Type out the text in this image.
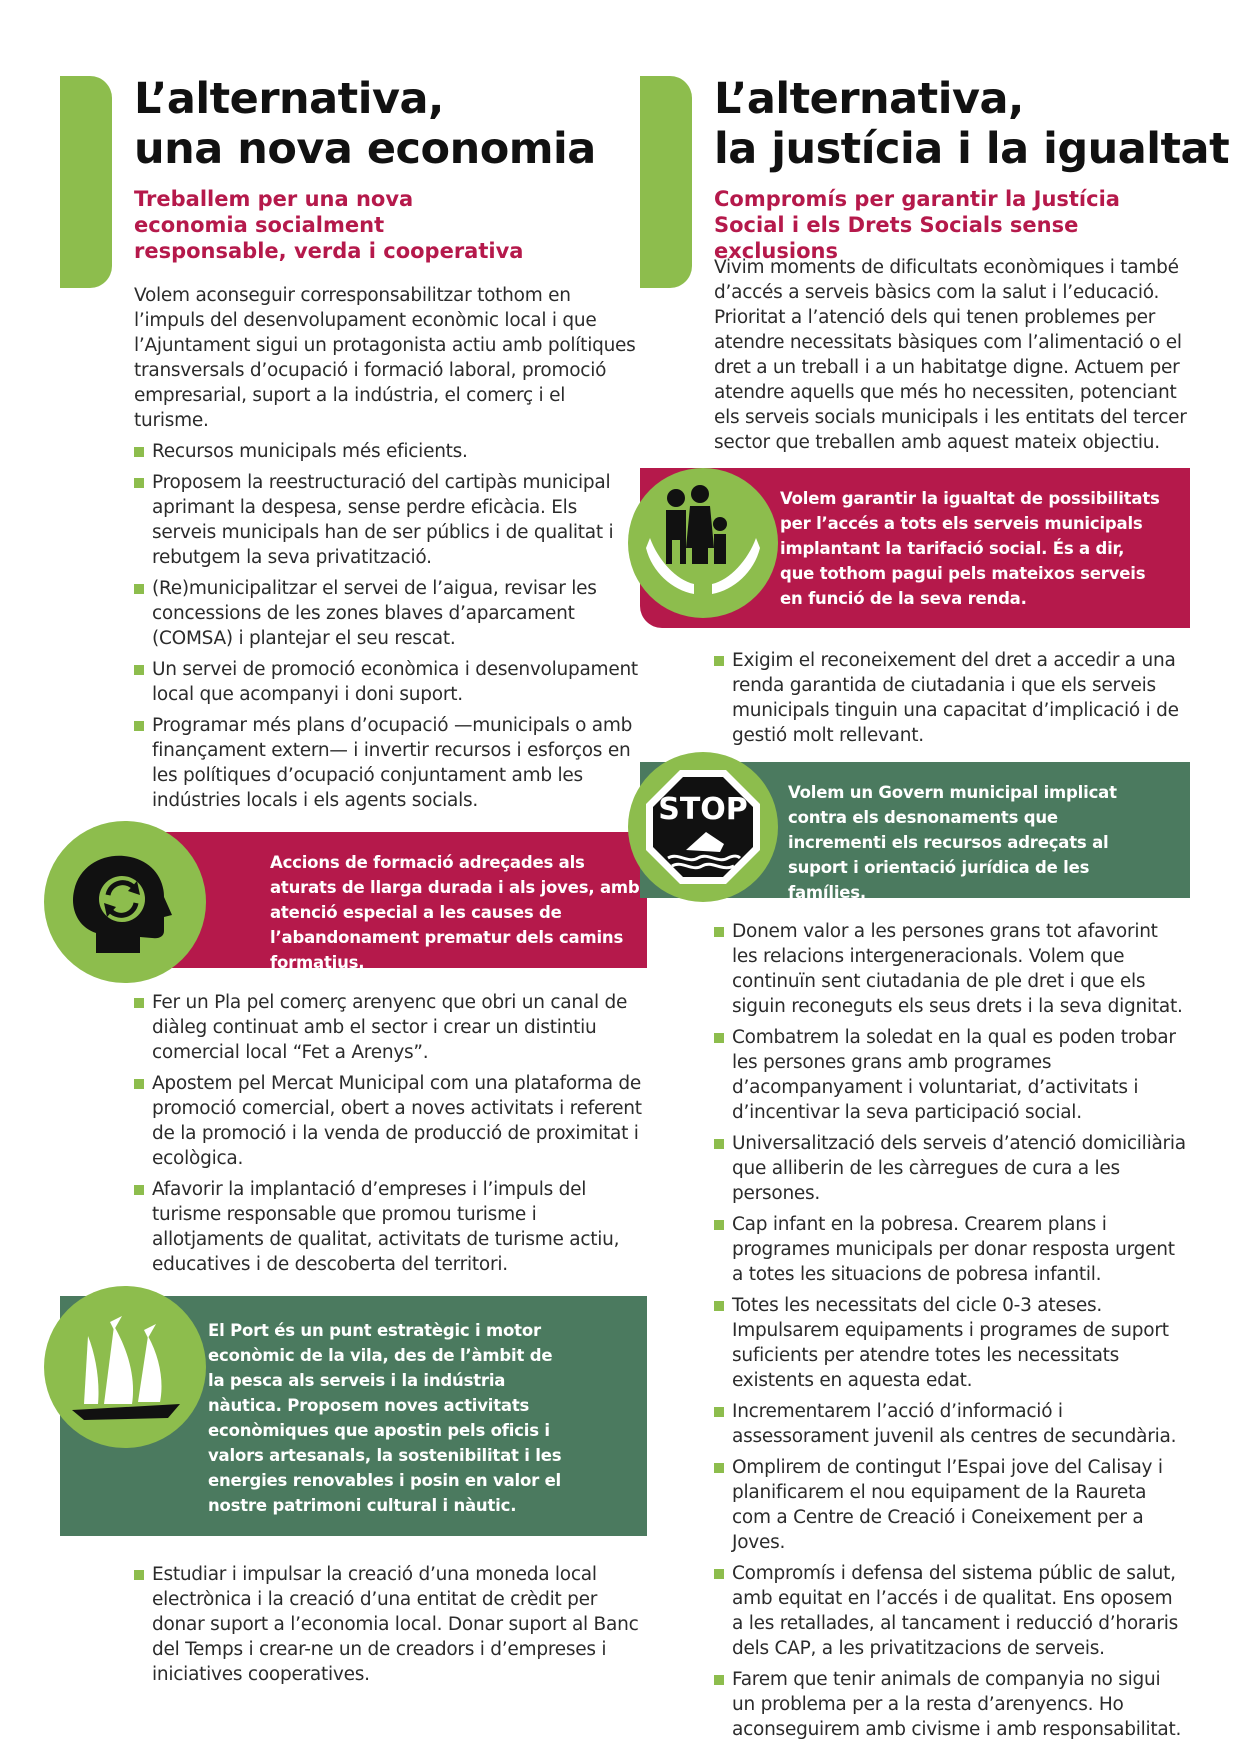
L’alternativa,
una nova economia
Treballem per una nova economia socialment responsable, verda i cooperativa

Volem aconseguir corresponsabilitzar tothom en l’impuls del desenvolupament econòmic local i que l’Ajuntament sigui un protagonista actiu amb polítiques transversals d’ocupació i formació laboral, promoció empresarial, suport a la indústria, el comerç i el turisme.

Recursos municipals més eficients.
Proposem la reestructuració del cartipàs municipal aprimant la despesa, sense perdre eficàcia. Els serveis municipals han de ser públics i de qualitat i rebutgem la seva privatització.
(Re)municipalitzar el servei de l’aigua, revisar les concessions de les zones blaves d’aparcament (COMSA) i plantejar el seu rescat.
Un servei de promoció econòmica i desenvolupament local que acompanyi i doni suport.
Programar més plans d’ocupació —municipals o amb finançament extern— i invertir recursos i esforços en les polítiques d’ocupació conjuntament amb les indústries locals i els agents socials.
Accions de formació adreçades als aturats de llarga durada i als joves, amb atenció especial a les causes de l’abandonament prematur dels camins formatius.
Fer un Pla pel comerç arenyenc que obri un canal de diàleg continuat amb el sector i crear un distintiu comercial local “Fet a Arenys”.
Apostem pel Mercat Municipal com una plataforma de promoció comercial, obert a noves activitats i referent de la promoció i la venda de producció de proximitat i ecològica.
Afavorir la implantació d’empreses i l’impuls del turisme responsable que promou turisme i allotjaments de qualitat, activitats de turisme actiu, educatives i de descoberta del territori.
El Port és un punt estratègic i motor econòmic de la vila, des de l’àmbit de la pesca als serveis i la indústria nàutica. Proposem noves activitats econòmiques que apostin pels oficis i valors artesanals, la sostenibilitat i les energies renovables i posin en valor el nostre patrimoni cultural i nàutic.
Estudiar i impulsar la creació d’una moneda local electrònica i la creació d’una entitat de crèdit per donar suport a l’economia local. Donar suport al Banc del Temps i crear-ne un de creadors i d’empreses i iniciatives cooperatives.
L’alternativa,
la justícia i la igualtat
Compromís per garantir la Justícia Social i els Drets Socials sense exclusions

Vivim moments de dificultats econòmiques i també d’accés a serveis bàsics com la salut i l’educació. Prioritat a l’atenció dels qui tenen problemes per atendre necessitats bàsiques com l’alimentació o el dret a un treball i a un habitatge digne. Actuem per atendre aquells que més ho necessiten, potenciant els serveis socials municipals i les entitats del tercer sector que treballen amb aquest mateix objectiu.

Volem garantir la igualtat de possibilitats per l’accés a tots els serveis municipals implantant la tarifació social. És a dir, que tothom pagui pels mateixos serveis en funció de la seva renda.
Exigim el reconeixement del dret a accedir a una renda garantida de ciutadania i que els serveis municipals tinguin una capacitat d’implicació i de gestió molt rellevant.
Volem un Govern municipal implicat contra els desnonaments que incrementi els recursos adreçats al suport i orientació jurídica de les famílies.
STOP
Donem valor a les persones grans tot afavorint les relacions intergeneracionals. Volem que continuïn sent ciutadania de ple dret i que els siguin reconeguts els seus drets i la seva dignitat.
Combatrem la soledat en la qual es poden trobar les persones grans amb programes d’acompanyament i voluntariat, d’activitats i d’incentivar la seva participació social.
Universalització dels serveis d’atenció domiciliària que alliberin de les càrregues de cura a les persones.
Cap infant en la pobresa. Crearem plans i programes municipals per donar resposta urgent a totes les situacions de pobresa infantil.
Totes les necessitats del cicle 0-3 ateses. Impulsarem equipaments i programes de suport suficients per atendre totes les necessitats existents en aquesta edat.
Incrementarem l’acció d’informació i assessorament juvenil als centres de secundària.
Omplirem de contingut l’Espai jove del Calisay i planificarem el nou equipament de la Raureta com a Centre de Creació i Coneixement per a Joves.
Compromís i defensa del sistema públic de salut, amb equitat en l’accés i de qualitat. Ens oposem a les retallades, al tancament i reducció d’horaris dels CAP, a les privatitzacions de serveis.
Farem que tenir animals de companyia no sigui un problema per a la resta d’arenyencs. Ho aconseguirem amb civisme i amb responsabilitat.
